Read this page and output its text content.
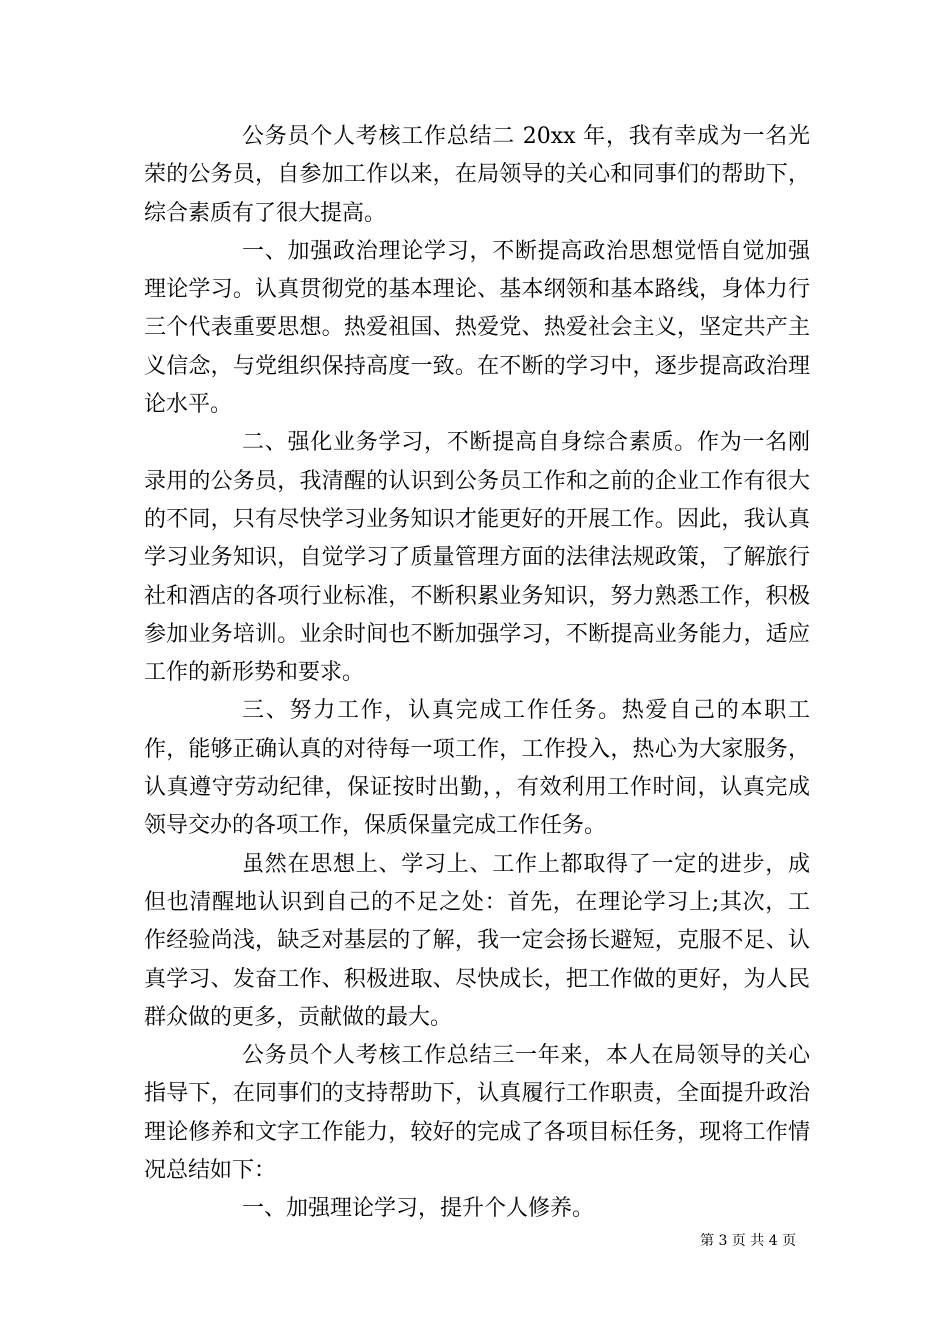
公务员个人考核工作总结二 20xx 年，我有幸成为一名光荣的公务员，自参加工作以来，在局领导的关心和同事们的帮助下，综合素质有了很大提高。

一、加强政治理论学习，不断提高政治思想觉悟自觉加强理论学习。认真贯彻党的基本理论、基本纲领和基本路线，身体力行三个代表重要思想。热爱祖国、热爱党、热爱社会主义，坚定共产主义信念，与党组织保持高度一致。在不断的学习中，逐步提高政治理论水平。

二、强化业务学习，不断提高自身综合素质。作为一名刚录用的公务员，我清醒的认识到公务员工作和之前的企业工作有很大的不同，只有尽快学习业务知识才能更好的开展工作。因此，我认真学习业务知识，自觉学习了质量管理方面的法律法规政策，了解旅行社和酒店的各项行业标准，不断积累业务知识，努力熟悉工作，积极参加业务培训。业余时间也不断加强学习，不断提高业务能力，适应工作的新形势和要求。

三、努力工作，认真完成工作任务。热爱自己的本职工作，能够正确认真的对待每一项工作，工作投入，热心为大家服务，认真遵守劳动纪律，保证按时出勤，，有效利用工作时间，认真完成领导交办的各项工作，保质保量完成工作任务。

虽然在思想上、学习上、工作上都取得了一定的进步，成但也清醒地认识到自己的不足之处：首先，在理论学习上;其次，工作经验尚浅，缺乏对基层的了解，我一定会扬长避短，克服不足、认真学习、发奋工作、积极进取、尽快成长，把工作做的更好，为人民群众做的更多，贡献做的最大。

公务员个人考核工作总结三一年来，本人在局领导的关心指导下，在同事们的支持帮助下，认真履行工作职责，全面提升政治理论修养和文字工作能力，较好的完成了各项目标任务，现将工作情况总结如下：

一、加强理论学习，提升个人修养。

第 3 页 共 4 页
